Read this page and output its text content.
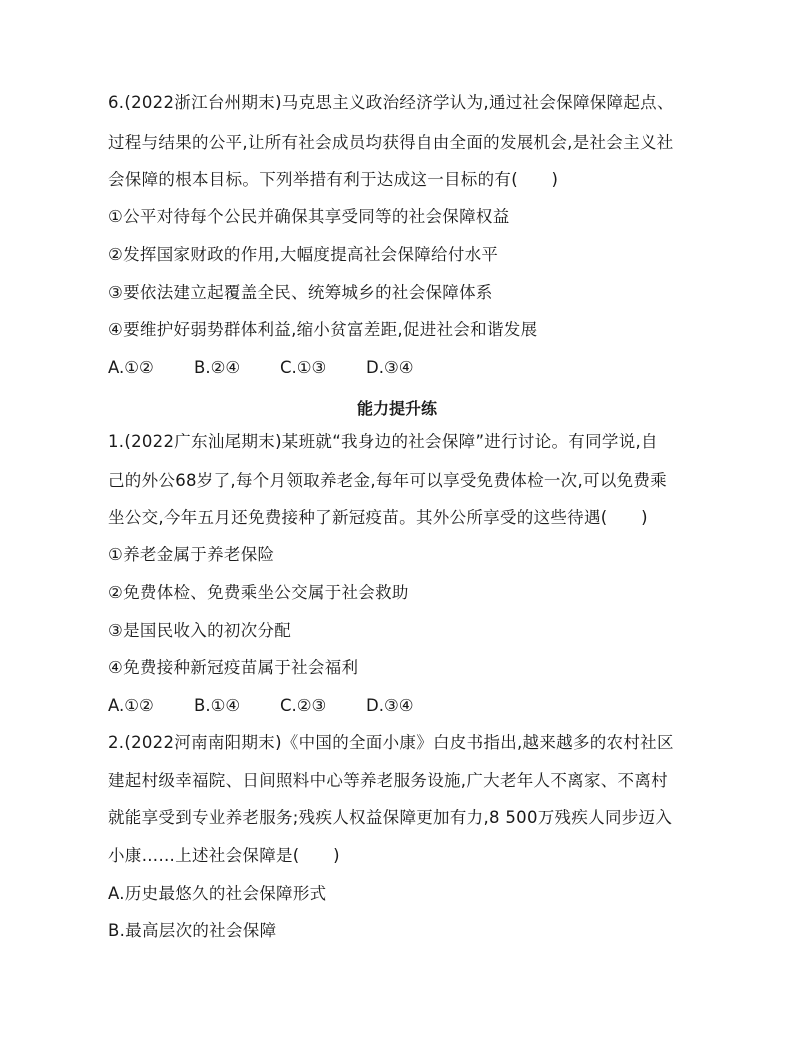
6.(2022浙江台州期末)马克思主义政治经济学认为,通过社会保障保障起点、
过程与结果的公平,让所有社会成员均获得自由全面的发展机会,是社会主义社
会保障的根本目标。下列举措有利于达成这一目标的有(　　)
①公平对待每个公民并确保其享受同等的社会保障权益
②发挥国家财政的作用,大幅度提高社会保障给付水平
③要依法建立起覆盖全民、统筹城乡的社会保障体系
④要维护好弱势群体利益,缩小贫富差距,促进社会和谐发展
A.①② B.②④ C.①③ D.③④
能力提升练
1.(2022广东汕尾期末)某班就“我身边的社会保障”进行讨论。有同学说,自
己的外公68岁了,每个月领取养老金,每年可以享受免费体检一次,可以免费乘
坐公交,今年五月还免费接种了新冠疫苗。其外公所享受的这些待遇(　　)
①养老金属于养老保险
②免费体检、免费乘坐公交属于社会救助
③是国民收入的初次分配
④免费接种新冠疫苗属于社会福利
A.①② B.①④ C.②③ D.③④
2.(2022河南南阳期末)《中国的全面小康》白皮书指出,越来越多的农村社区
建起村级幸福院、日间照料中心等养老服务设施,广大老年人不离家、不离村
就能享受到专业养老服务;残疾人权益保障更加有力,8 500万残疾人同步迈入
小康……上述社会保障是(　　)
A.历史最悠久的社会保障形式
B.最高层次的社会保障
